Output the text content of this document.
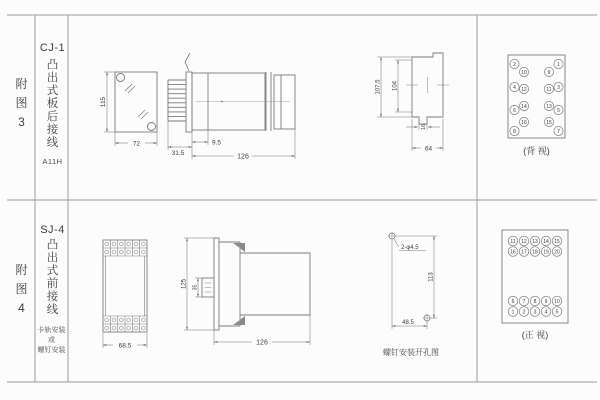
115
72	9.5
31.5
126
107.5 104
16
64
2
4
6
8
10
12
14
16
9
11
13
15
1
3
5
7
(背 视)
68.5
125 35
126
2-φ4.5
113
48.5
螺钉安装开孔图
11 12 13 14 15
16 17 18 19 20
6 7 8 9 10
1 2 3 4 5
(正 视)
附
图
3
CJ-1
凸
出
式
板
后
接
线
A11H
附
图
4
SJ-4
凸
出
式
前
接
线
卡轨安装
或
螺钉安装
